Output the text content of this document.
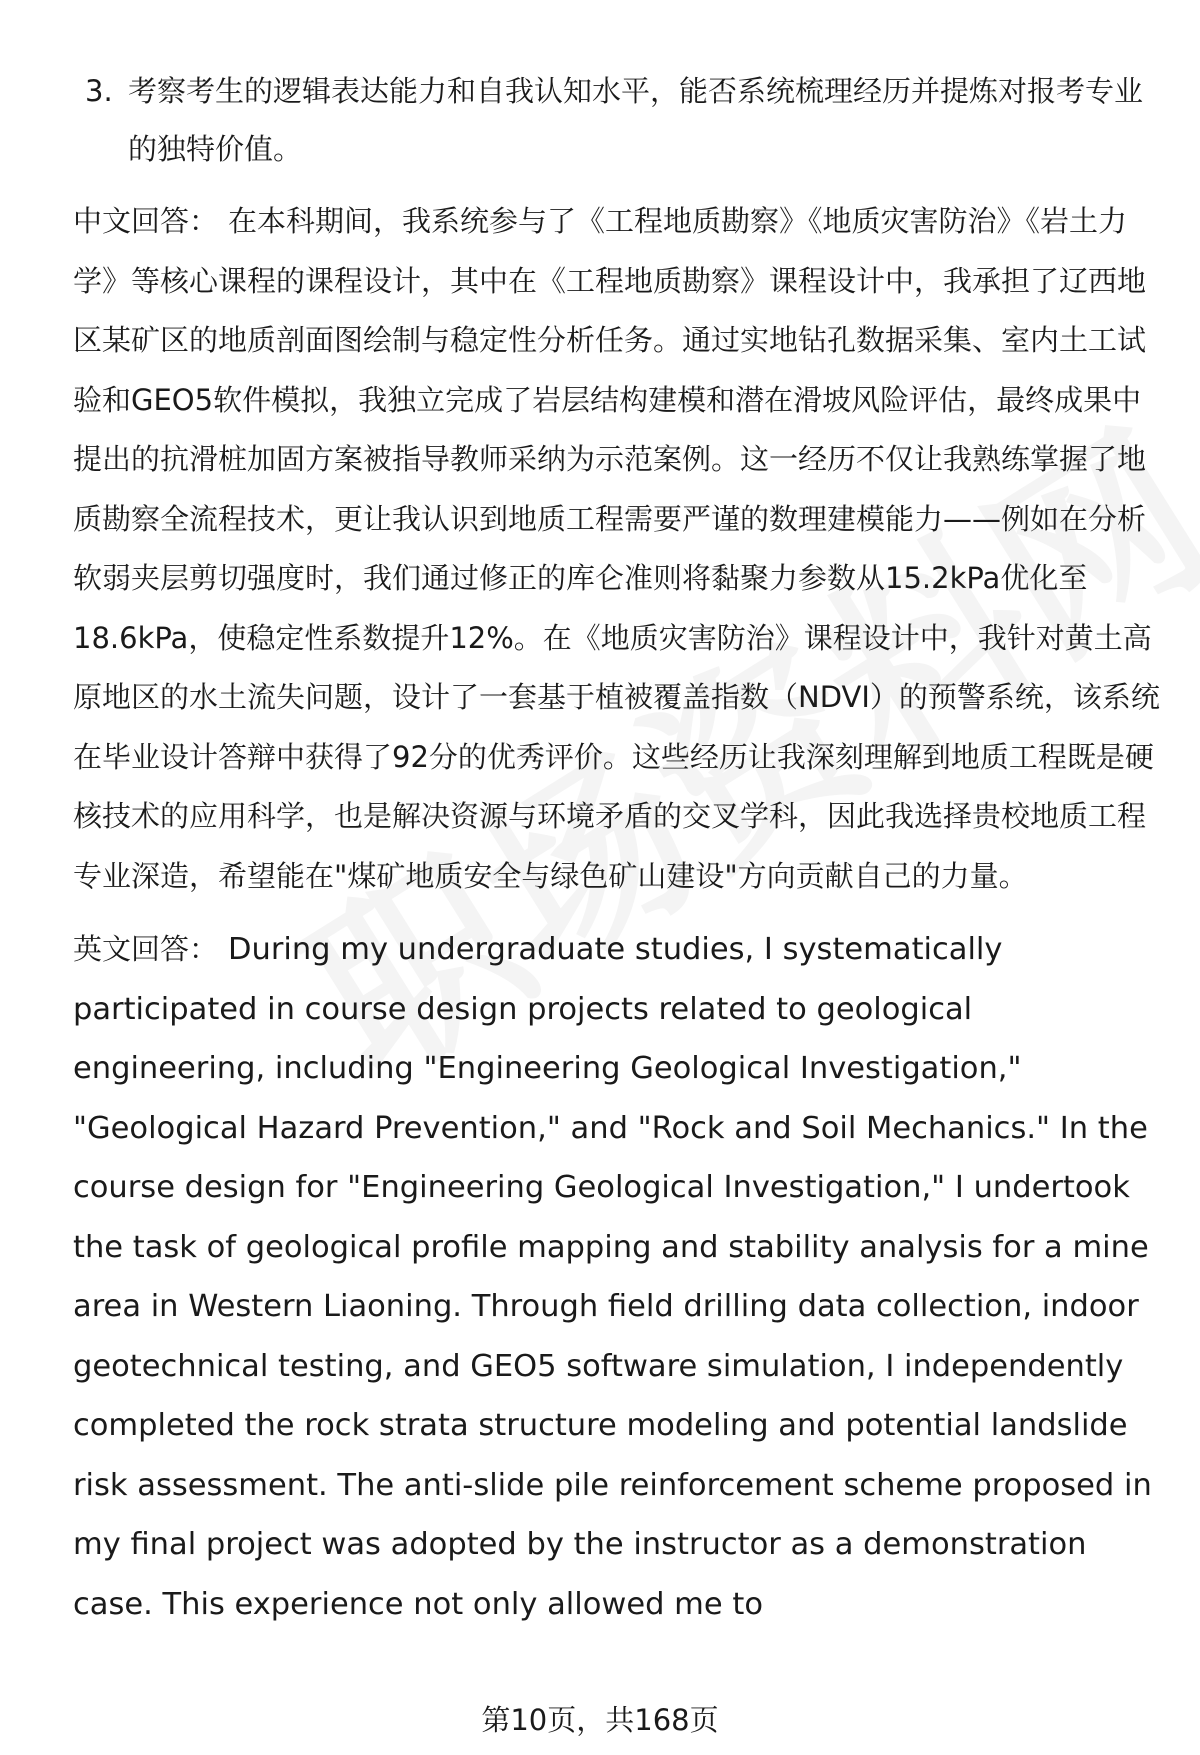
3. 考察考生的逻辑表达能力和自我认知水平，能否系统梳理经历并提炼对报考专业的独特价值。

中文回答： 在本科期间，我系统参与了《工程地质勘察》《地质灾害防治》《岩土力学》等核心课程的课程设计，其中在《工程地质勘察》课程设计中，我承担了辽西地区某矿区的地质剖面图绘制与稳定性分析任务。通过实地钻孔数据采集、室内土工试验和GEO5软件模拟，我独立完成了岩层结构建模和潜在滑坡风险评估，最终成果中提出的抗滑桩加固方案被指导教师采纳为示范案例。这一经历不仅让我熟练掌握了地质勘察全流程技术，更让我认识到地质工程需要严谨的数理建模能力——例如在分析软弱夹层剪切强度时，我们通过修正的库仑准则将黏聚力参数从15.2kPa优化至18.6kPa，使稳定性系数提升12%。在《地质灾害防治》课程设计中，我针对黄土高原地区的水土流失问题，设计了一套基于植被覆盖指数（NDVI）的预警系统，该系统在毕业设计答辩中获得了92分的优秀评价。这些经历让我深刻理解到地质工程既是硬核技术的应用科学，也是解决资源与环境矛盾的交叉学科，因此我选择贵校地质工程专业深造，希望能在"煤矿地质安全与绿色矿山建设"方向贡献自己的力量。

英文回答： During my undergraduate studies, I systematically participated in course design projects related to geological engineering, including "Engineering Geological Investigation," "Geological Hazard Prevention," and "Rock and Soil Mechanics." In the course design for "Engineering Geological Investigation," I undertook the task of geological profile mapping and stability analysis for a mine area in Western Liaoning. Through field drilling data collection, indoor geotechnical testing, and GEO5 software simulation, I independently completed the rock strata structure modeling and potential landslide risk assessment. The anti-slide pile reinforcement scheme proposed in my final project was adopted by the instructor as a demonstration case. This experience not only allowed me to

第10页，共168页
